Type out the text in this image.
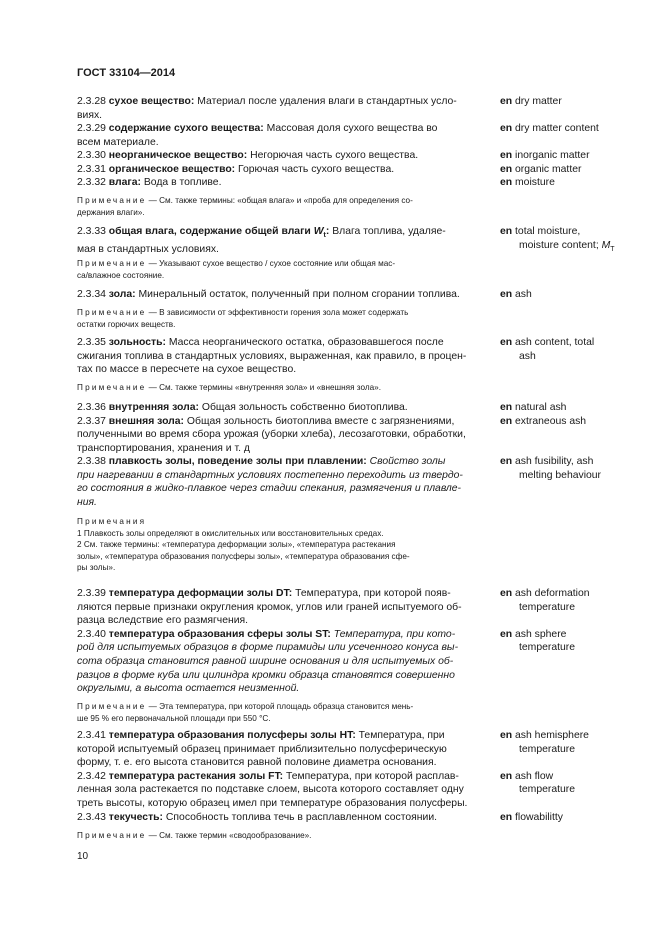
ГОСТ 33104—2014
2.3.28 сухое вещество: Материал после удаления влаги в стандартных усло-
виях.
en dry matter
2.3.29 содержание сухого вещества: Массовая доля сухого вещества во
всем материале.
en dry matter content
2.3.30 неорганическое вещество: Негорючая часть сухого вещества.	en inorganic matter
2.3.31 органическое вещество: Горючая часть сухого вещества.	en organic matter
2.3.32 влага: Вода в топливе.	en moisture
Примечание — См. также термины: «общая влага» и «проба для определения со-
держания влаги».
2.3.33 общая влага, содержание общей влаги $W_t$: Влага топлива, удаляе-
мая в стандартных условиях.
en total moisture,
moisture content; $M_T$
Примечание — Указывают сухое вещество / сухое состояние или общая мас-
са/влажное состояние.
2.3.34 зола: Минеральный остаток, полученный при полном сгорании топлива.	en ash
Примечание — В зависимости от эффективности горения зола может содержать
остатки горючих веществ.
2.3.35 зольность: Масса неорганического остатка, образовавшегося после
сжигания топлива в стандартных условиях, выраженная, как правило, в процен-
тах по массе в пересчете на сухое вещество.
en ash content, total
ash
Примечание — См. также термины «внутренняя зола» и «внешняя зола».
2.3.36 внутренняя зола: Общая зольность собственно биотоплива.	en natural ash
2.3.37 внешняя зола: Общая зольность биотоплива вместе с загрязнениями,
полученными во время сбора урожая (уборки хлеба), лесозаготовки, обработки,
транспортирования, хранения и т. д
en extraneous ash
2.3.38 плавкость золы, поведение золы при плавлении: Свойство золы
при нагревании в стандартных условиях постепенно переходить из твердо-
го состояния в жидко-плавкое через стадии спекания, размягчения и плавле-
ния.
en ash fusibility, ash
melting behaviour
Примечания
1 Плавкость золы определяют в окислительных или восстановительных средах.
2 См. также термины: «температура деформации золы», «температура растекания
золы», «температура образования полусферы золы», «температура образования сфе-
ры золы».
2.3.39 температура деформации золы DT: Температура, при которой появ-
ляются первые признаки округления кромок, углов или граней испытуемого об-
разца вследствие его размягчения.
en ash deformation
temperature
2.3.40 температура образования сферы золы ST: Температура, при кото-
рой для испытуемых образцов в форме пирамиды или усеченного конуса вы-
сота образца становится равной ширине основания и для испытуемых об-
разцов в форме куба или цилиндра кромки образца становятся совершенно
округлыми, а высота остается неизменной.
en ash sphere
temperature
Примечание — Эта температура, при которой площадь образца становится мень-
ше 95 % его первоначальной площади при 550 °С.
2.3.41 температура образования полусферы золы HT: Температура, при
которой испытуемый образец принимает приблизительно полусферическую
форму, т. е. его высота становится равной половине диаметра основания.
en ash hemisphere
temperature
2.3.42 температура растекания золы FT: Температура, при которой расплав-
ленная зола растекается по подставке слоем, высота которого составляет одну
треть высоты, которую образец имел при температуре образования полусферы.
en ash flow
temperature
2.3.43 текучесть: Способность топлива течь в расплавленном состоянии.	en flowabilitty
Примечание — См. также термин «сводообразование».
10
